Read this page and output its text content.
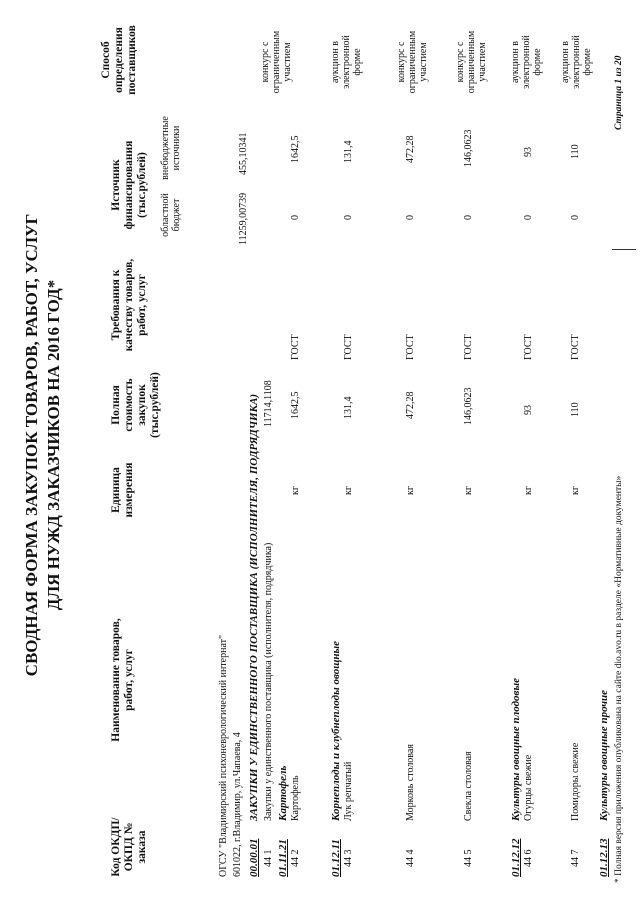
СВОДНАЯ ФОРМА ЗАКУПОК ТОВАРОВ, РАБОТ, УСЛУГ ДЛЯ НУЖД ЗАКАЗЧИКОВ НА 2016 ГОД*
Код ОКДП/ ОКПД № заказа
Наименование товаров, работ, услуг
Единица измерения
Полная стоимость закупок (тыс.рублей)
Требования к качеству товаров, работ, услуг
Источник финансирования (тыс.рублей) областной бюджет
внебюджетные источники
Способ определения поставщиков
ОГСУ "Владимирский психоневрологический интернат" 601022, г.Владимир, ул.Чапаева, 4 00.00.01
ЗАКУПКИ У ЕДИНСТВЕННОГО ПОСТАВЩИКА (ИСПОЛНИТЕЛЯ, ПОДРЯДЧИКА)
44 1
Закупки у единственного поставщика (исполнителя, подрядчика)
11714,1108
11259,00739
455,10341
01.11.21
Картофель
44 2
Картофель
кг
1642,5
ГОСТ
0
1642,5
конкурс с ограниченным участием
01.12.11
Корнеплоды и клубнеплоды овощные
44 3
Лук репчатый
кг
131,4
ГОСТ
0
131,4
аукцион в электронной форме
44 4
Морковь столовая
кг
472,28
ГОСТ
0
472,28
конкурс с ограниченным участием
44 5
Свекла столовая
кг
146,0623
ГОСТ
0
146,0623
конкурс с ограниченным участием
01.12.12
Культуры овощные плодовые
44 6
Огурцы свежие
кг
93
ГОСТ
0
93
аукцион в электронной форме
44 7
Помидоры свежие
кг
110
ГОСТ
0
110
аукцион в электронной форме
01.12.13
Культуры овощные прочие * Полная версия приложения опубликована на сайте dio.avo.ru в разделе «Нормативные документы»
Страница 1 из 20
